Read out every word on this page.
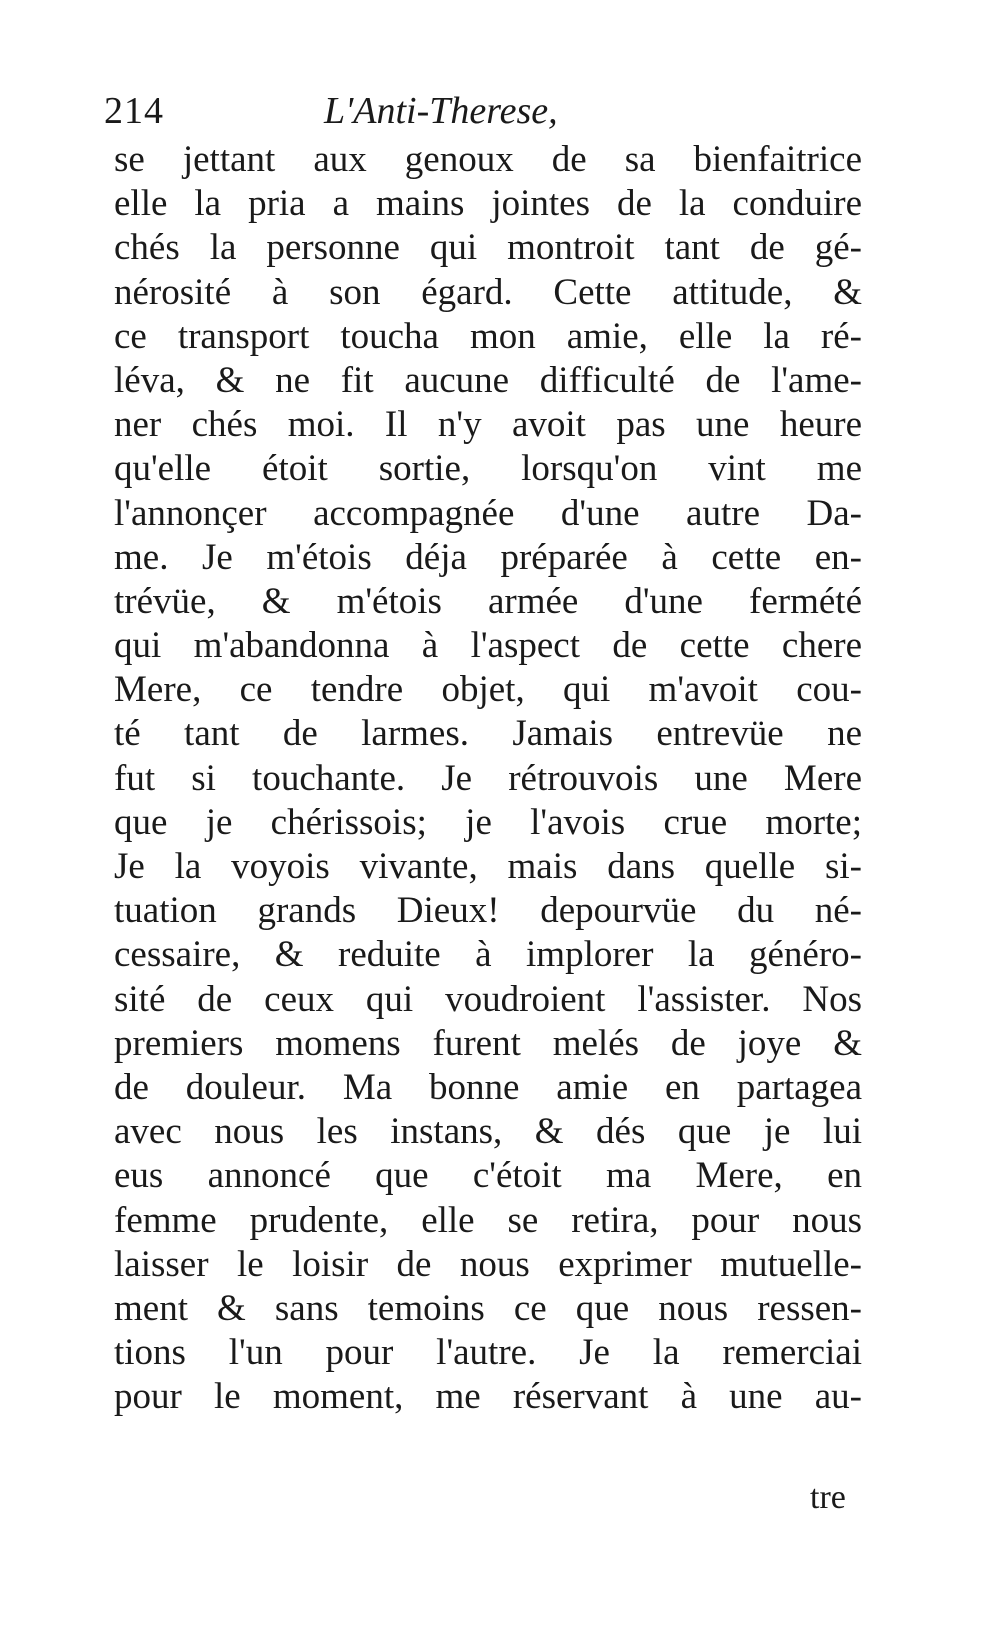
214	L'Anti-Therese,
se jettant aux genoux de sa bienfaitrice
elle la pria a mains jointes de la conduire
chés la personne qui montroit tant de gé-
nérosité à son égard. Cette attitude, &
ce transport toucha mon amie, elle la ré-
léva, & ne fit aucune difficulté de l'ame-
ner chés moi. Il n'y avoit pas une heure
qu'elle étoit sortie, lorsqu'on vint me
l'annonçer accompagnée d'une autre Da-
me. Je m'étois déja préparée à cette en-
trévüe, & m'étois armée d'une fermété
qui m'abandonna à l'aspect de cette chere
Mere, ce tendre objet, qui m'avoit cou-
té tant de larmes. Jamais entrevüe ne
fut si touchante. Je rétrouvois une Mere
que je chérissois; je l'avois crue morte;
Je la voyois vivante, mais dans quelle si-
tuation grands Dieux! depourvüe du né-
cessaire, & reduite à implorer la généro-
sité de ceux qui voudroient l'assister. Nos
premiers momens furent melés de joye &
de douleur. Ma bonne amie en partagea
avec nous les instans, & dés que je lui
eus annoncé que c'étoit ma Mere, en
femme prudente, elle se retira, pour nous
laisser le loisir de nous exprimer mutuelle-
ment & sans temoins ce que nous ressen-
tions l'un pour l'autre. Je la remerciai
pour le moment, me réservant à une au-
tre
